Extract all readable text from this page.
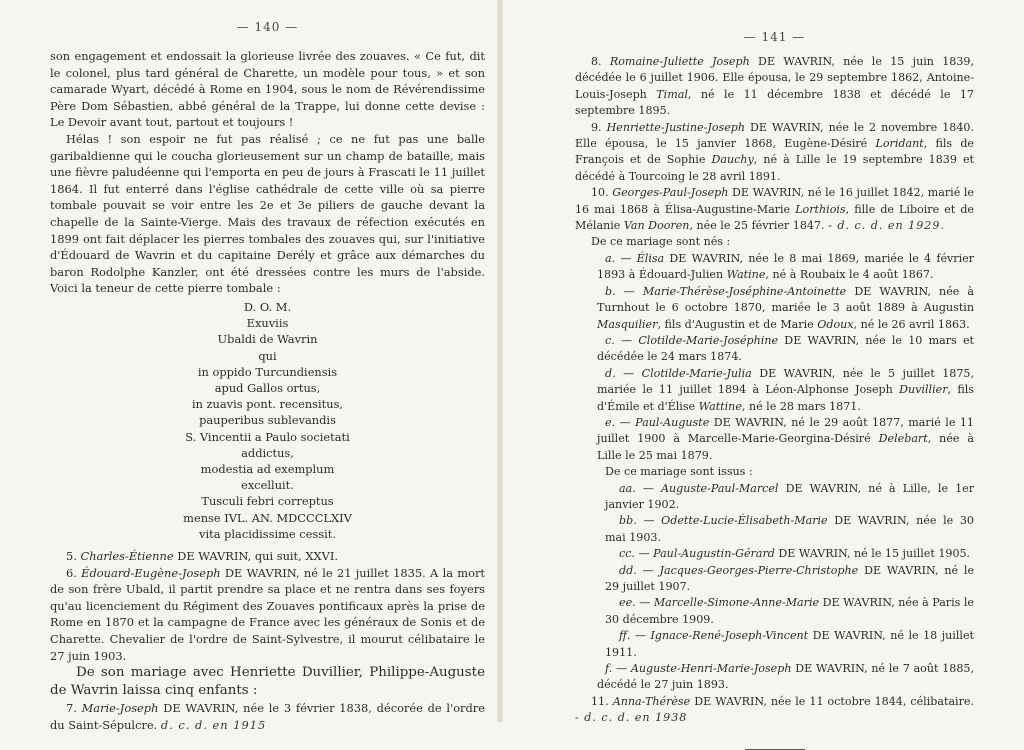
— 140 —

son engagement et endossait la glorieuse livrée des zouaves. « Ce fut, dit le colonel, plus tard général de Charette, un modèle pour tous, » et son camarade Wyart, décédé à Rome en 1904, sous le nom de Révérendissime Père Dom Sébastien, abbé général de la Trappe, lui donne cette devise : Le Devoir avant tout, partout et toujours !

Hélas ! son espoir ne fut pas réalisé ; ce ne fut pas une balle garibaldienne qui le coucha glorieusement sur un champ de bataille, mais une fièvre paludéenne qui l'emporta en peu de jours à Frascati le 11 juillet 1864. Il fut enterré dans l'église cathédrale de cette ville où sa pierre tombale pouvait se voir entre les 2e et 3e piliers de gauche devant la chapelle de la Sainte-Vierge. Mais des travaux de réfection exécutés en 1899 ont fait déplacer les pierres tombales des zouaves qui, sur l'initiative d'Édouard de Wavrin et du capitaine Derély et grâce aux démarches du baron Rodolphe Kanzler, ont été dressées contre les murs de l'abside. Voici la teneur de cette pierre tombale :

D. O. M.
Exuviis
Ubaldi de Wavrin
qui
in oppido Turcundiensis
apud Gallos ortus,
in zuavis pont. recensitus,
pauperibus sublevandis
S. Vincentii a Paulo societati
addictus,
modestia ad exemplum
excelluit.
Tusculi febri correptus
mense IVL. AN. MDCCCLXIV
vita placidissime cessit.

5. Charles-Étienne DE WAVRIN, qui suit, XXVI.

6. Édouard-Eugène-Joseph DE WAVRIN, né le 21 juillet 1835. A la mort de son frère Ubald, il partit prendre sa place et ne rentra dans ses foyers qu'au licenciement du Régiment des Zouaves pontificaux après la prise de Rome en 1870 et la campagne de France avec les généraux de Sonis et de Charette. Chevalier de l'ordre de Saint-Sylvestre, il mourut célibataire le 27 juin 1903.

De son mariage avec Henriette Duvillier, Philippe-Auguste de Wavrin laissa cinq enfants :

7. Marie-Joseph DE WAVRIN, née le 3 février 1838, décorée de l'ordre du Saint-Sépulcre. d. c. d. en 1915

— 141 —

8. Romaine-Juliette Joseph DE WAVRIN, née le 15 juin 1839, décédée le 6 juillet 1906. Elle épousa, le 29 septembre 1862, Antoine-Louis-Joseph Timal, né le 11 décembre 1838 et décédé le 17 septembre 1895.

9. Henriette-Justine-Joseph DE WAVRIN, née le 2 novembre 1840. Elle épousa, le 15 janvier 1868, Eugène-Désiré Loridant, fils de François et de Sophie Dauchy, né à Lille le 19 septembre 1839 et décédé à Tourcoing le 28 avril 1891.

10. Georges-Paul-Joseph DE WAVRIN, né le 16 juillet 1842, marié le 16 mai 1868 à Élisa-Augustine-Marie Lorthiois, fille de Liboire et de Mélanie Van Dooren, née le 25 février 1847. - d. c. d. en 1929.

De ce mariage sont nés :

a. — Élisa DE WAVRIN, née le 8 mai 1869, mariée le 4 février 1893 à Édouard-Julien Watine, né à Roubaix le 4 août 1867.

b. — Marie-Thérèse-Joséphine-Antoinette DE WAVRIN, née à Turnhout le 6 octobre 1870, mariée le 3 août 1889 à Augustin Masquilier, fils d'Augustin et de Marie Odoux, né le 26 avril 1863.

c. — Clotilde-Marie-Joséphine DE WAVRIN, née le 10 mars et décédée le 24 mars 1874.

d. — Clotilde-Marie-Julia DE WAVRIN, née le 5 juillet 1875, mariée le 11 juillet 1894 à Léon-Alphonse Joseph Duvillier, fils d'Émile et d'Élise Wattine, né le 28 mars 1871.

e. — Paul-Auguste DE WAVRIN, né le 29 août 1877, marié le 11 juillet 1900 à Marcelle-Marie-Georgina-Désiré Delebart, née à Lille le 25 mai 1879.

De ce mariage sont issus :

aa. — Auguste-Paul-Marcel DE WAVRIN, né à Lille, le 1er janvier 1902.

bb. — Odette-Lucie-Élisabeth-Marie DE WAVRIN, née le 30 mai 1903.

cc. — Paul-Augustin-Gérard DE WAVRIN, né le 15 juillet 1905.

dd. — Jacques-Georges-Pierre-Christophe DE WAVRIN, né le 29 juillet 1907.

ee. — Marcelle-Simone-Anne-Marie DE WAVRIN, née à Paris le 30 décembre 1909.

ff. — Ignace-René-Joseph-Vincent DE WAVRIN, né le 18 juillet 1911.

f. — Auguste-Henri-Marie-Joseph DE WAVRIN, né le 7 août 1885, décédé le 27 juin 1893.

11. Anna-Thérèse DE WAVRIN, née le 11 octobre 1844, célibataire. - d. c. d. en 1938
